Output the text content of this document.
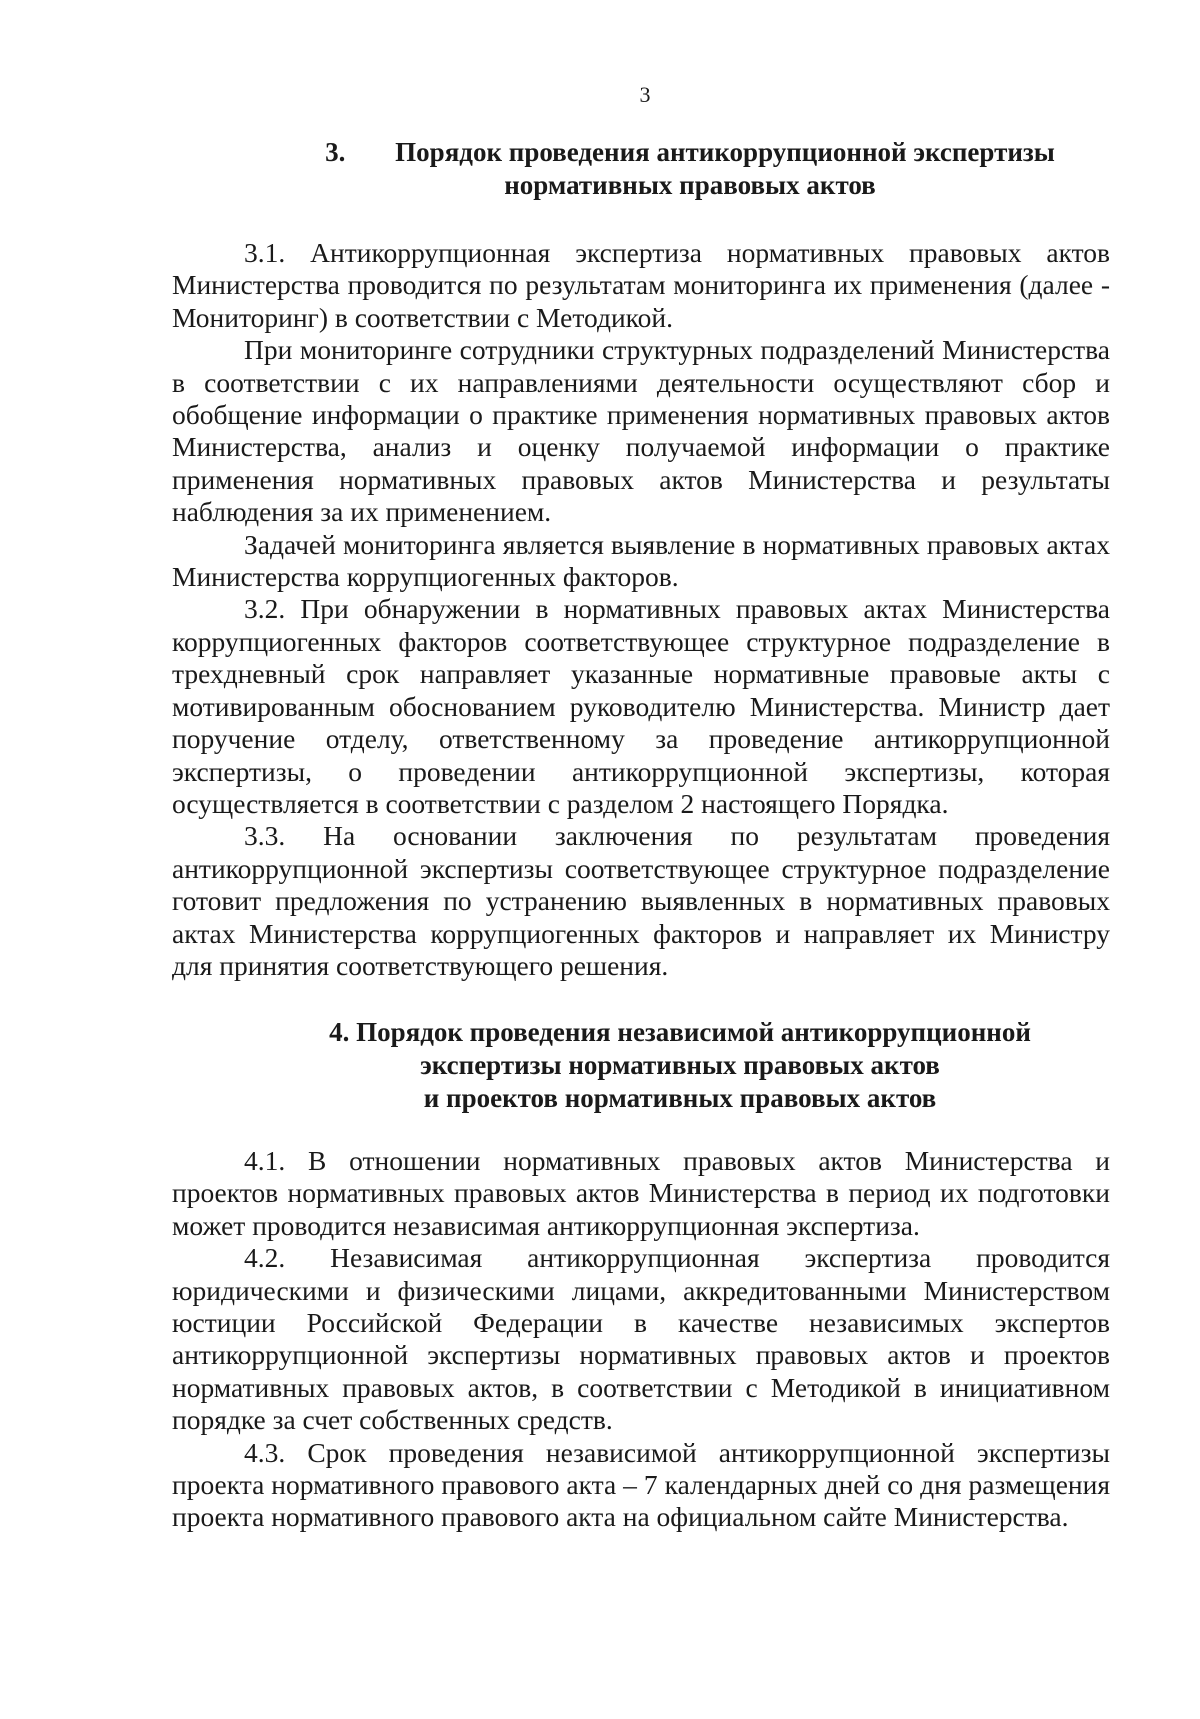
3
3. Порядок проведения антикоррупционной экспертизы
нормативных правовых актов

3.1. Антикоррупционная экспертиза нормативных правовых актов Министерства проводится по результатам мониторинга их применения (далее - Мониторинг) в соответствии с Методикой.

При мониторинге сотрудники структурных подразделений Министерства в соответствии с их направлениями деятельности осуществляют сбор и обобщение информации о практике применения нормативных правовых актов Министерства, анализ и оценку получаемой информации о практике применения нормативных правовых актов Министерства и результаты наблюдения за их применением.

Задачей мониторинга является выявление в нормативных правовых актах Министерства коррупциогенных факторов.

3.2. При обнаружении в нормативных правовых актах Министерства коррупциогенных факторов соответствующее структурное подразделение в трехдневный срок направляет указанные нормативные правовые акты с мотивированным обоснованием руководителю Министерства. Министр дает поручение отделу, ответственному за проведение антикоррупционной экспертизы, о проведении антикоррупционной экспертизы, которая осуществляется в соответствии с разделом 2 настоящего Порядка.

3.3. На основании заключения по результатам проведения антикоррупционной экспертизы соответствующее структурное подразделение готовит предложения по устранению выявленных в нормативных правовых актах Министерства коррупциогенных факторов и направляет их Министру для принятия соответствующего решения.

4. Порядок проведения независимой антикоррупционной
экспертизы нормативных правовых актов
и проектов нормативных правовых актов

4.1. В отношении нормативных правовых актов Министерства и проектов нормативных правовых актов Министерства в период их подготовки может проводится независимая антикоррупционная экспертиза.

4.2. Независимая антикоррупционная экспертиза проводится юридическими и физическими лицами, аккредитованными Министерством юстиции Российской Федерации в качестве независимых экспертов антикоррупционной экспертизы нормативных правовых актов и проектов нормативных правовых актов, в соответствии с Методикой в инициативном порядке за счет собственных средств.

4.3. Срок проведения независимой антикоррупционной экспертизы проекта нормативного правового акта – 7 календарных дней со дня размещения проекта нормативного правового акта на официальном сайте Министерства.
